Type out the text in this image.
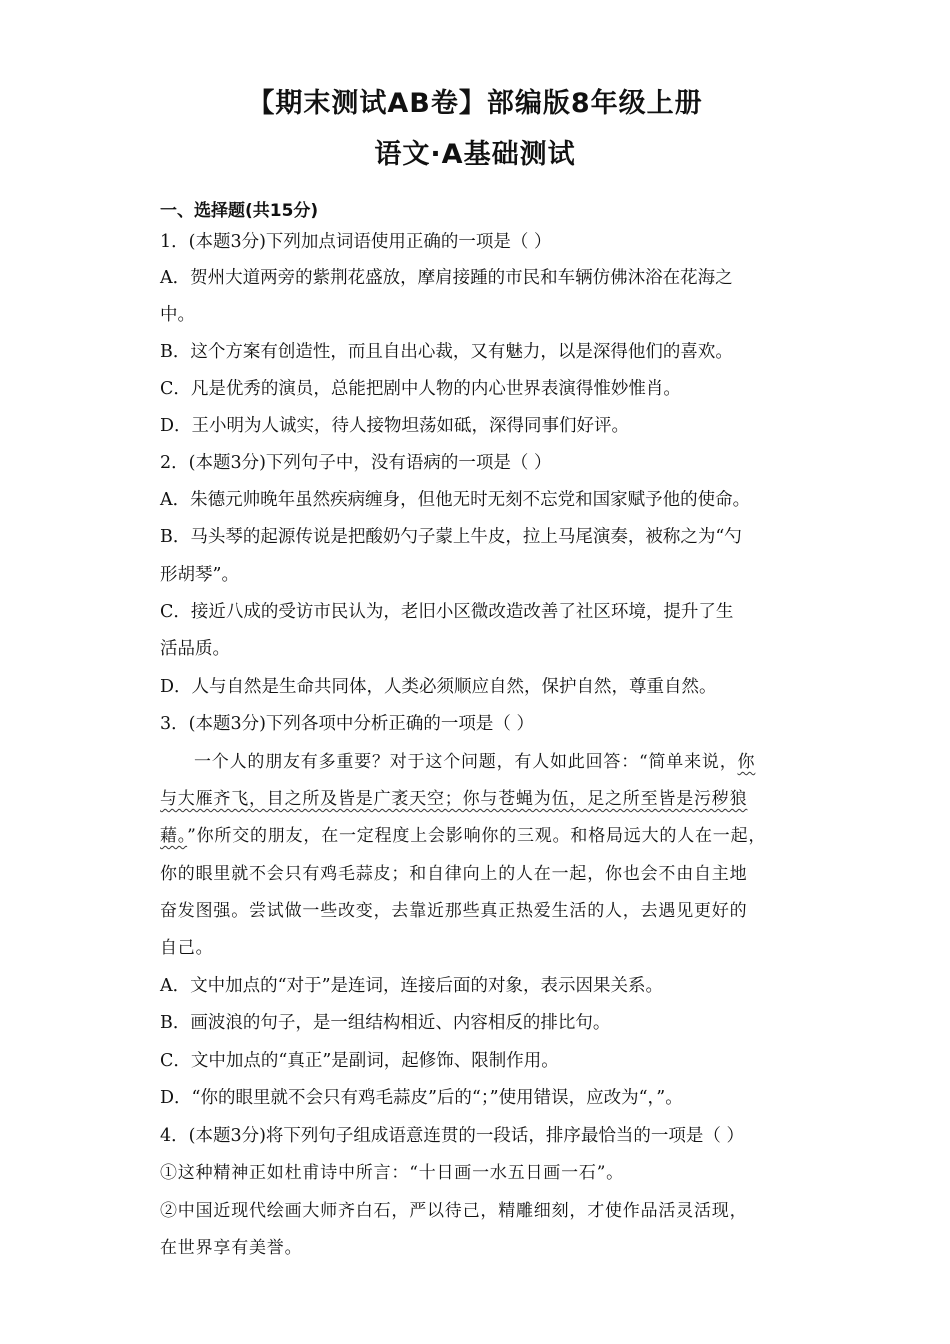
【期末测试AB卷】部编版8年级上册
语文·A基础测试
一、选择题(共15分)
1．(本题3分)下列加点词语使用正确的一项是（ ）
A．贺州大道两旁的紫荆花盛放，摩肩接踵的市民和车辆仿佛沐浴在花海之
中。
B．这个方案有创造性，而且自出心裁，又有魅力，以是深得他们的喜欢。
C．凡是优秀的演员，总能把剧中人物的内心世界表演得惟妙惟肖。
D．王小明为人诚实，待人接物坦荡如砥，深得同事们好评。
2．(本题3分)下列句子中，没有语病的一项是（ ）
A．朱德元帅晚年虽然疾病缠身，但他无时无刻不忘党和国家赋予他的使命。
B．马头琴的起源传说是把酸奶勺子蒙上牛皮，拉上马尾演奏，被称之为“勺
形胡琴”。
C．接近八成的受访市民认为，老旧小区微改造改善了社区环境，提升了生
活品质。
D．人与自然是生命共同体，人类必须顺应自然，保护自然，尊重自然。
3．(本题3分)下列各项中分析正确的一项是（ ）
一个人的朋友有多重要？对于这个问题，有人如此回答：“简单来说，你
与大雁齐飞，目之所及皆是广袤天空；你与苍蝇为伍，足之所至皆是污秽狼
藉。”你所交的朋友，在一定程度上会影响你的三观。和格局远大的人在一起，
你的眼里就不会只有鸡毛蒜皮；和自律向上的人在一起，你也会不由自主地
奋发图强。尝试做一些改变，去靠近那些真正热爱生活的人，去遇见更好的
自己。
A．文中加点的“对于”是连词，连接后面的对象，表示因果关系。
B．画波浪的句子，是一组结构相近、内容相反的排比句。
C．文中加点的“真正”是副词，起修饰、限制作用。
D．“你的眼里就不会只有鸡毛蒜皮”后的“；”使用错误，应改为“，”。
4．(本题3分)将下列句子组成语意连贯的一段话，排序最恰当的一项是（ ）
①这种精神正如杜甫诗中所言：“十日画一水五日画一石”。
②中国近现代绘画大师齐白石，严以待己，精雕细刻，才使作品活灵活现，
在世界享有美誉。
